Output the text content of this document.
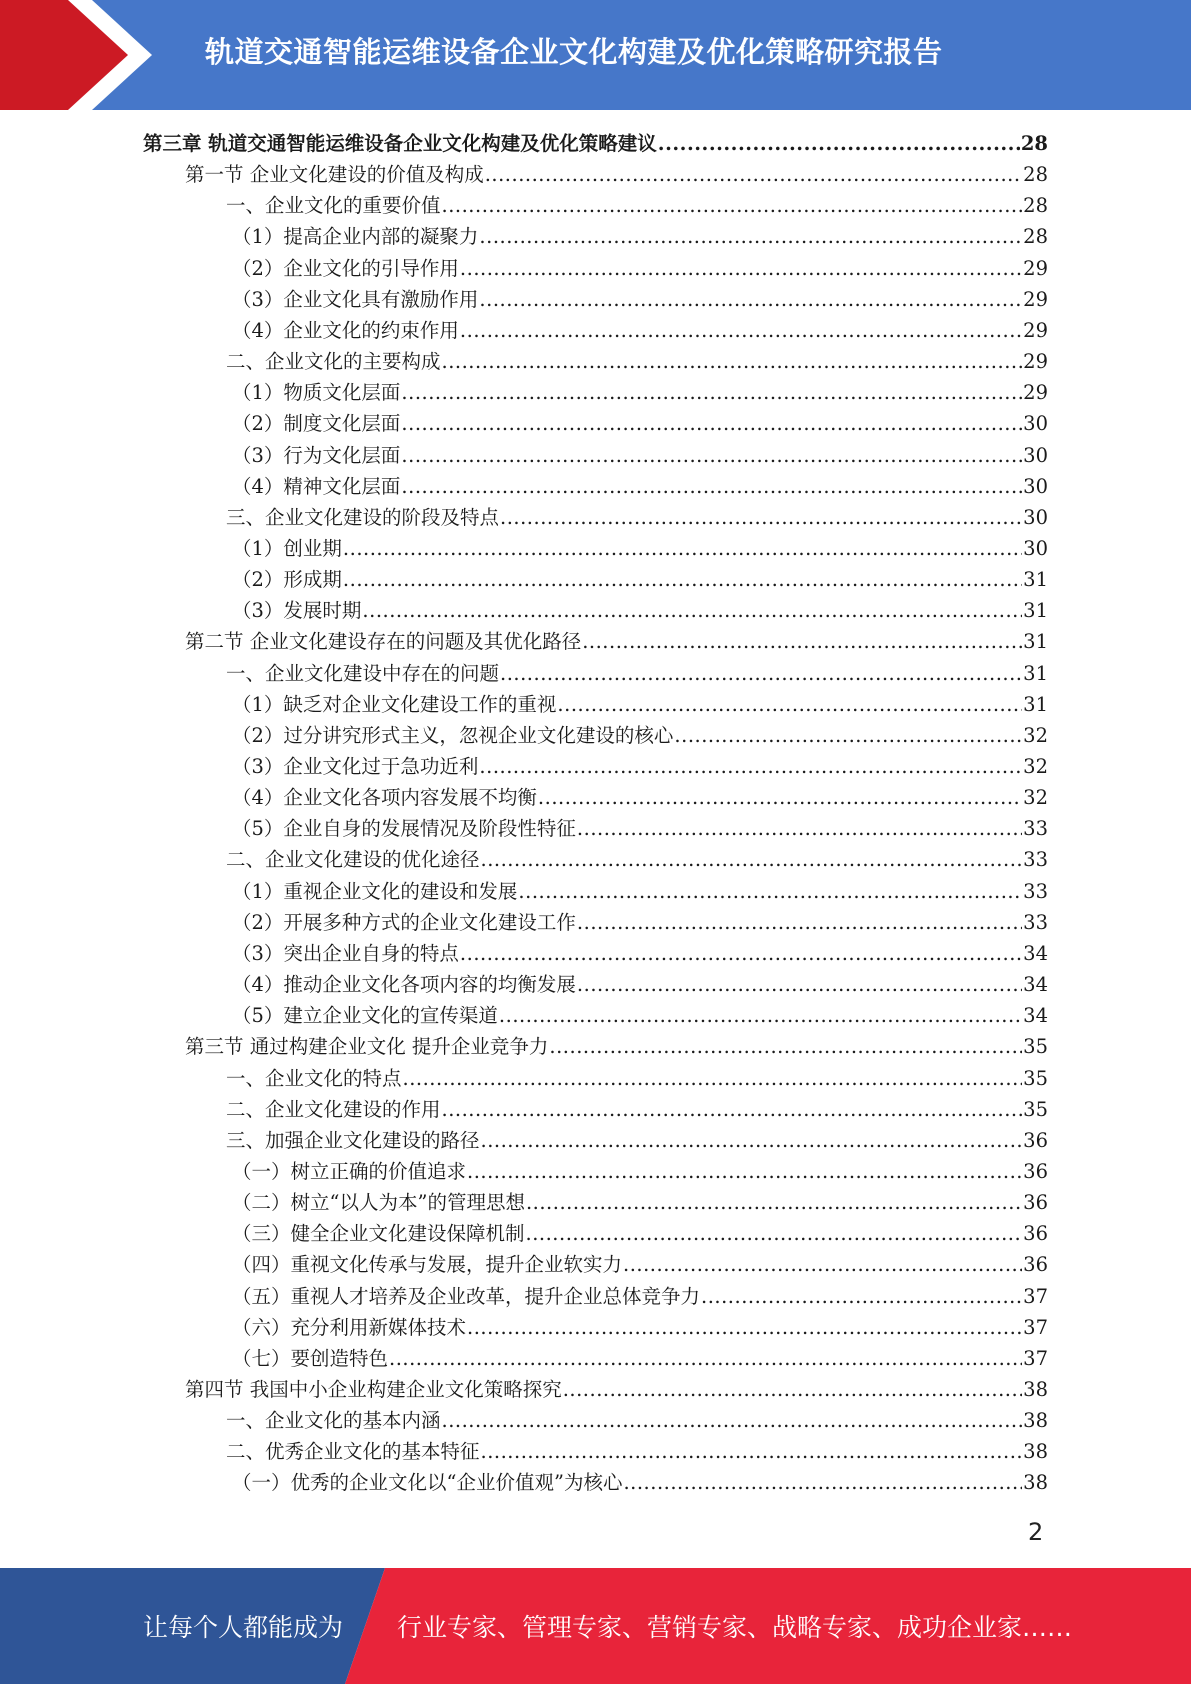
轨道交通智能运维设备企业文化构建及优化策略研究报告
第三章 轨道交通智能运维设备企业文化构建及优化策略建议 .....	28
第一节 企业文化建设的价值及构成 .....	28
一、企业文化的重要价值 .....	28
（1）提高企业内部的凝聚力 .....	28
（2）企业文化的引导作用 .....	29
（3）企业文化具有激励作用 .....	29
（4）企业文化的约束作用 .....	29
二、企业文化的主要构成 .....	29
（1）物质文化层面 .....	29
（2）制度文化层面 .....	30
（3）行为文化层面 .....	30
（4）精神文化层面 .....	30
三、企业文化建设的阶段及特点 .....	30
（1）创业期 .....	30
（2）形成期 .....	31
（3）发展时期 .....	31
第二节 企业文化建设存在的问题及其优化路径 .....	31
一、企业文化建设中存在的问题 .....	31
（1）缺乏对企业文化建设工作的重视 .....	31
（2）过分讲究形式主义，忽视企业文化建设的核心 .....	32
（3）企业文化过于急功近利 .....	32
（4）企业文化各项内容发展不均衡 .....	32
（5）企业自身的发展情况及阶段性特征 .....	33
二、企业文化建设的优化途径 .....	33
（1）重视企业文化的建设和发展 .....	33
（2）开展多种方式的企业文化建设工作 .....	33
（3）突出企业自身的特点 .....	34
（4）推动企业文化各项内容的均衡发展 .....	34
（5）建立企业文化的宣传渠道 .....	34
第三节 通过构建企业文化 提升企业竞争力 .....	35
一、企业文化的特点 .....	35
二、企业文化建设的作用 .....	35
三、加强企业文化建设的路径 .....	36
（一）树立正确的价值追求 .....	36
（二）树立“以人为本”的管理思想 .....	36
（三）健全企业文化建设保障机制 .....	36
（四）重视文化传承与发展，提升企业软实力 .....	36
（五）重视人才培养及企业改革，提升企业总体竞争力 .....	37
（六）充分利用新媒体技术 .....	37
（七）要创造特色 .....	37
第四节 我国中小企业构建企业文化策略探究 .....	38
一、企业文化的基本内涵 .....	38
二、优秀企业文化的基本特征 .....	38
（一）优秀的企业文化以“企业价值观”为核心 .....	38
2
让每个人都能成为 行业专家、管理专家、营销专家、战略专家、成功企业家……
